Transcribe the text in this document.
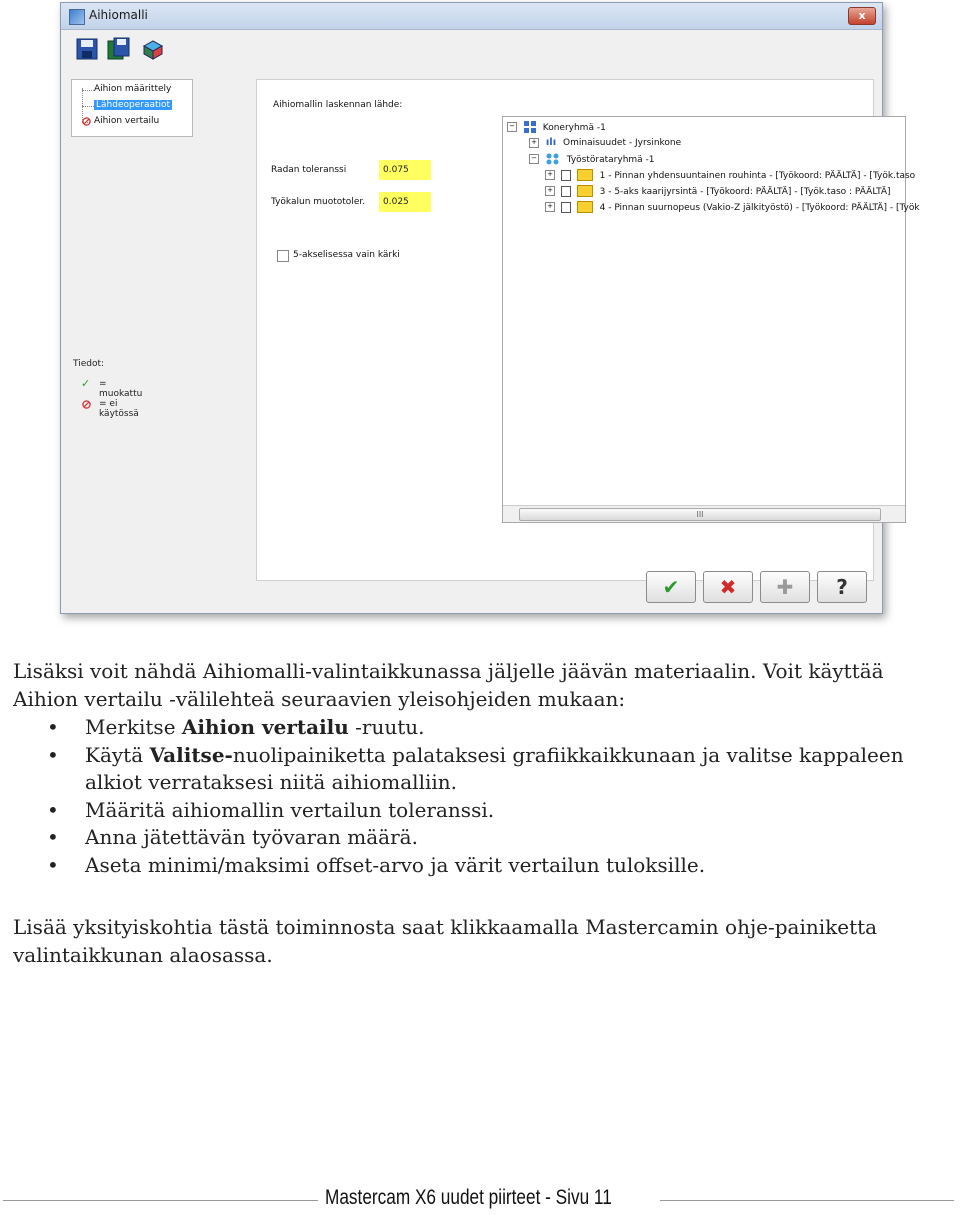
Aihiomalli	x
Aihion määrittely
Lähdeoperaatiot
Aihion vertailu
Tiedot:
✓ = muokattu
= ei käytössä
Aihiomallin laskennan lähde:
Radan toleranssi	0.075
Työkalun muototoler.	0.025
5-akselisessa vain kärki
−	Koneryhmä -1
+ ılı Ominaisuudet - Jyrsinkone
−	Työstörataryhmä -1
+	1 - Pinnan yhdensuuntainen rouhinta - [Työkoord: PÄÄLTÄ] - [Työk.taso
+	3 - 5-aks kaarijyrsintä - [Työkoord: PÄÄLTÄ] - [Työk.taso : PÄÄLTÄ]
+	4 - Pinnan suurnopeus (Vakio-Z jälkityöstö) - [Työkoord: PÄÄLTÄ] - [Työk
III
✔	✖	✚	?
Lisäksi voit nähdä Aihiomalli-valintaikkunassa jäljelle jäävän materiaalin. Voit käyttää Aihion vertailu -välilehteä seuraavien yleisohjeiden mukaan:
• Merkitse Aihion vertailu -ruutu.
• Käytä Valitse-nuolipainiketta palataksesi grafiikkaikkunaan ja valitse kappaleen alkiot verrataksesi niitä aihiomalliin.
• Määritä aihiomallin vertailun toleranssi.
• Anna jätettävän työvaran määrä.
• Aseta minimi/maksimi offset-arvo ja värit vertailun tuloksille.
Lisää yksityiskohtia tästä toiminnosta saat klikkaamalla Mastercamin ohje-painiketta valintaikkunan alaosassa.
Mastercam X6 uudet piirteet - Sivu 11
